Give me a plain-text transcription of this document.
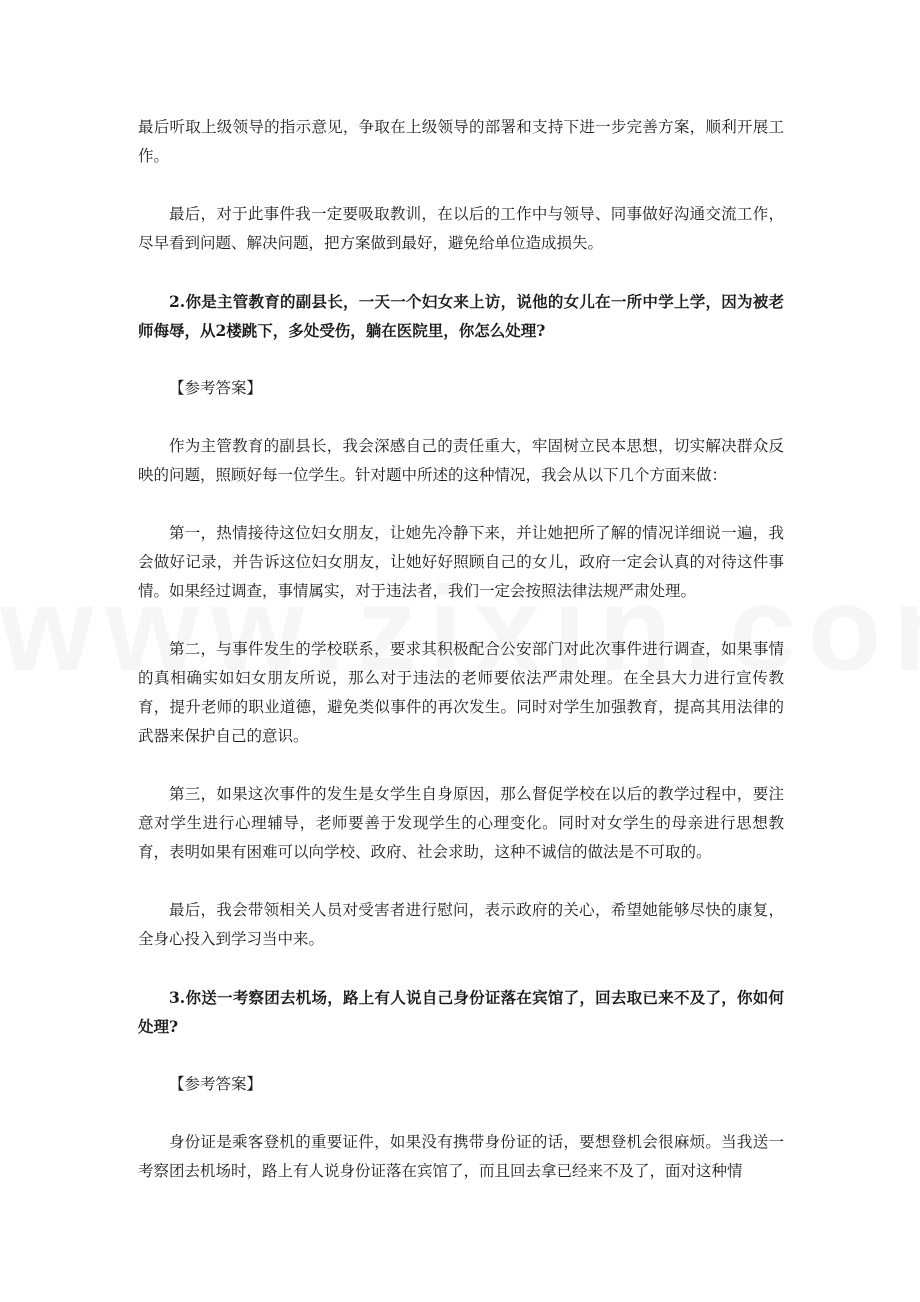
最后听取上级领导的指示意见，争取在上级领导的部署和支持下进一步完善方案，顺利开展工作。

最后，对于此事件我一定要吸取教训，在以后的工作中与领导、同事做好沟通交流工作，尽早看到问题、解决问题，把方案做到最好，避免给单位造成损失。

2.你是主管教育的副县长，一天一个妇女来上访，说他的女儿在一所中学上学，因为被老师侮辱，从2楼跳下，多处受伤，躺在医院里，你怎么处理?

【参考答案】

作为主管教育的副县长，我会深感自己的责任重大，牢固树立民本思想，切实解决群众反映的问题，照顾好每一位学生。针对题中所述的这种情况，我会从以下几个方面来做：

第一，热情接待这位妇女朋友，让她先冷静下来，并让她把所了解的情况详细说一遍，我会做好记录，并告诉这位妇女朋友，让她好好照顾自己的女儿，政府一定会认真的对待这件事情。如果经过调查，事情属实，对于违法者，我们一定会按照法律法规严肃处理。

第二，与事件发生的学校联系，要求其积极配合公安部门对此次事件进行调查，如果事情的真相确实如妇女朋友所说，那么对于违法的老师要依法严肃处理。在全县大力进行宣传教育，提升老师的职业道德，避免类似事件的再次发生。同时对学生加强教育，提高其用法律的武器来保护自己的意识。

第三，如果这次事件的发生是女学生自身原因，那么督促学校在以后的教学过程中，要注意对学生进行心理辅导，老师要善于发现学生的心理变化。同时对女学生的母亲进行思想教育，表明如果有困难可以向学校、政府、社会求助，这种不诚信的做法是不可取的。

最后，我会带领相关人员对受害者进行慰问，表示政府的关心，希望她能够尽快的康复，全身心投入到学习当中来。

3.你送一考察团去机场，路上有人说自己身份证落在宾馆了，回去取已来不及了，你如何处理?

【参考答案】

身份证是乘客登机的重要证件，如果没有携带身份证的话，要想登机会很麻烦。当我送一考察团去机场时，路上有人说身份证落在宾馆了，而且回去拿已经来不及了，面对这种情
